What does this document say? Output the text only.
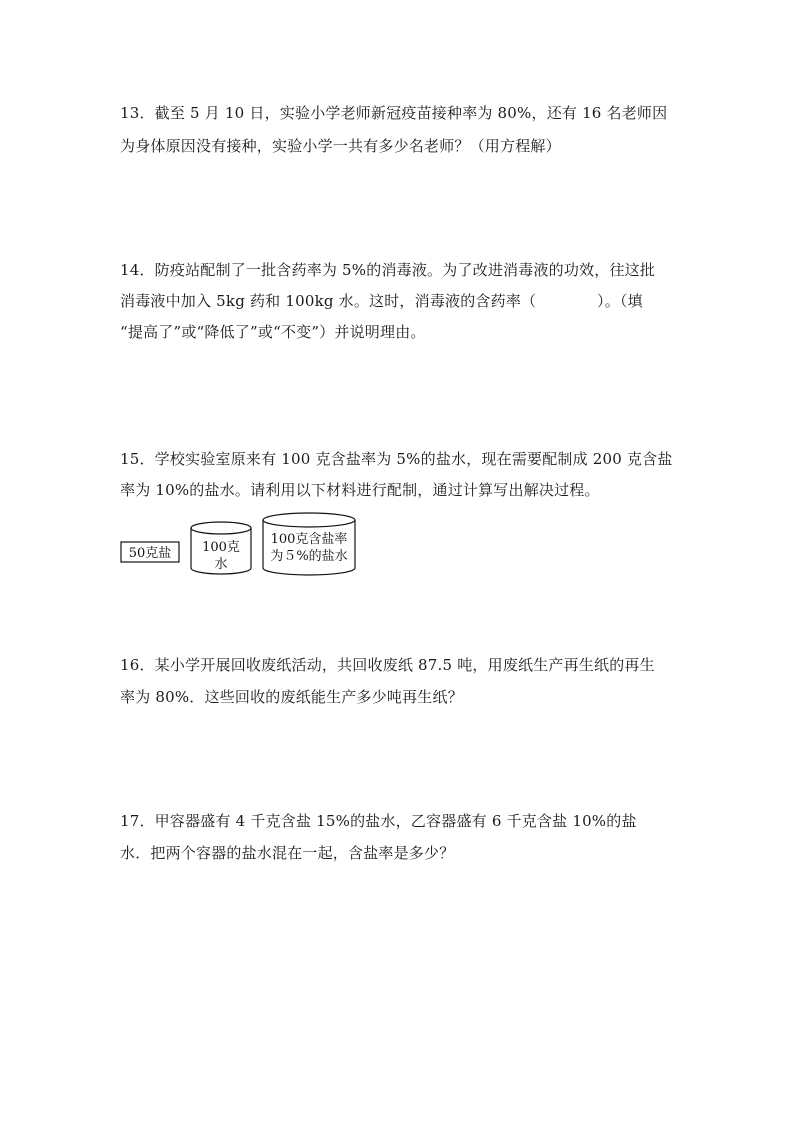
13．截至 5 月 10 日，实验小学老师新冠疫苗接种率为 80%，还有 16 名老师因
为身体原因没有接种，实验小学一共有多少名老师？（用方程解）
14．防疫站配制了一批含药率为 5%的消毒液。为了改进消毒液的功效，往这批
消毒液中加入 5kg 药和 100kg 水。这时，消毒液的含药率（　　　　）。（填
“提高了”或“降低了”或“不变”）并说明理由。
15．学校实验室原来有 100 克含盐率为 5%的盐水，现在需要配制成 200 克含盐
率为 10%的盐水。请利用以下材料进行配制，通过计算写出解决过程。
50克盐 100克
水
100克含盐率
为５%的盐水
16．某小学开展回收废纸活动，共回收废纸 87.5 吨，用废纸生产再生纸的再生
率为 80%．这些回收的废纸能生产多少吨再生纸？
17．甲容器盛有 4 千克含盐 15%的盐水，乙容器盛有 6 千克含盐 10%的盐
水．把两个容器的盐水混在一起，含盐率是多少？
